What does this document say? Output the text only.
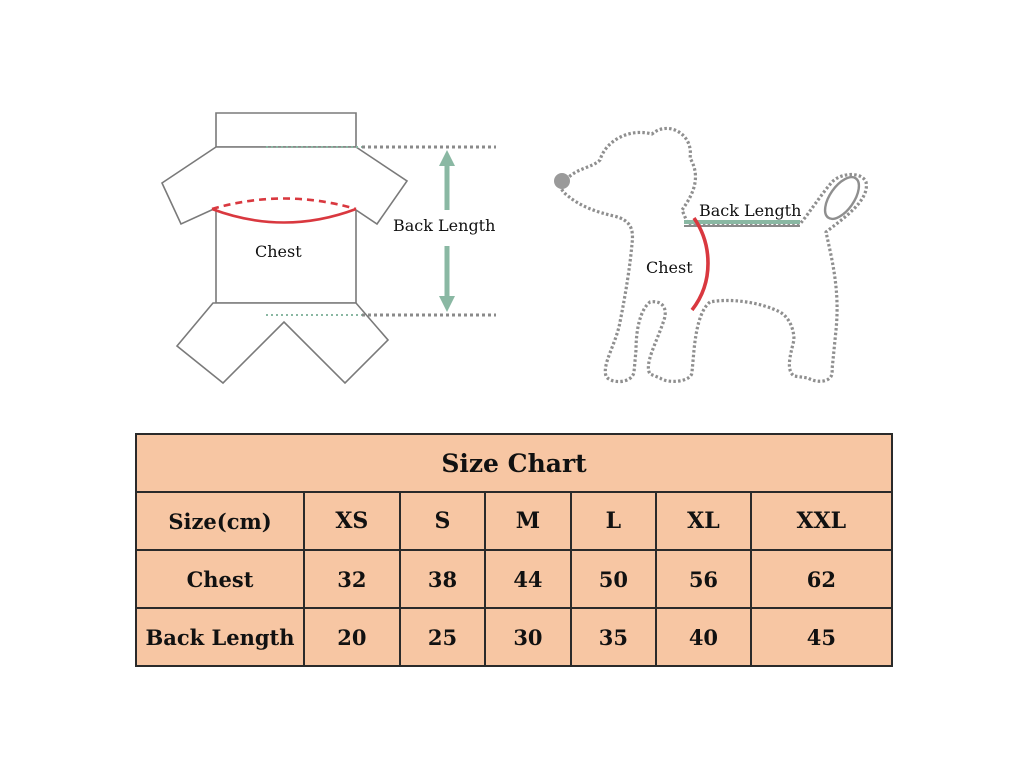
Chest
Back Length
Back Length
Chest
Size Chart						
Size(cm)	XS	S	M	L	XL	XXL
Chest	32	38	44	50	56	62
Back Length	20	25	30	35	40	45
